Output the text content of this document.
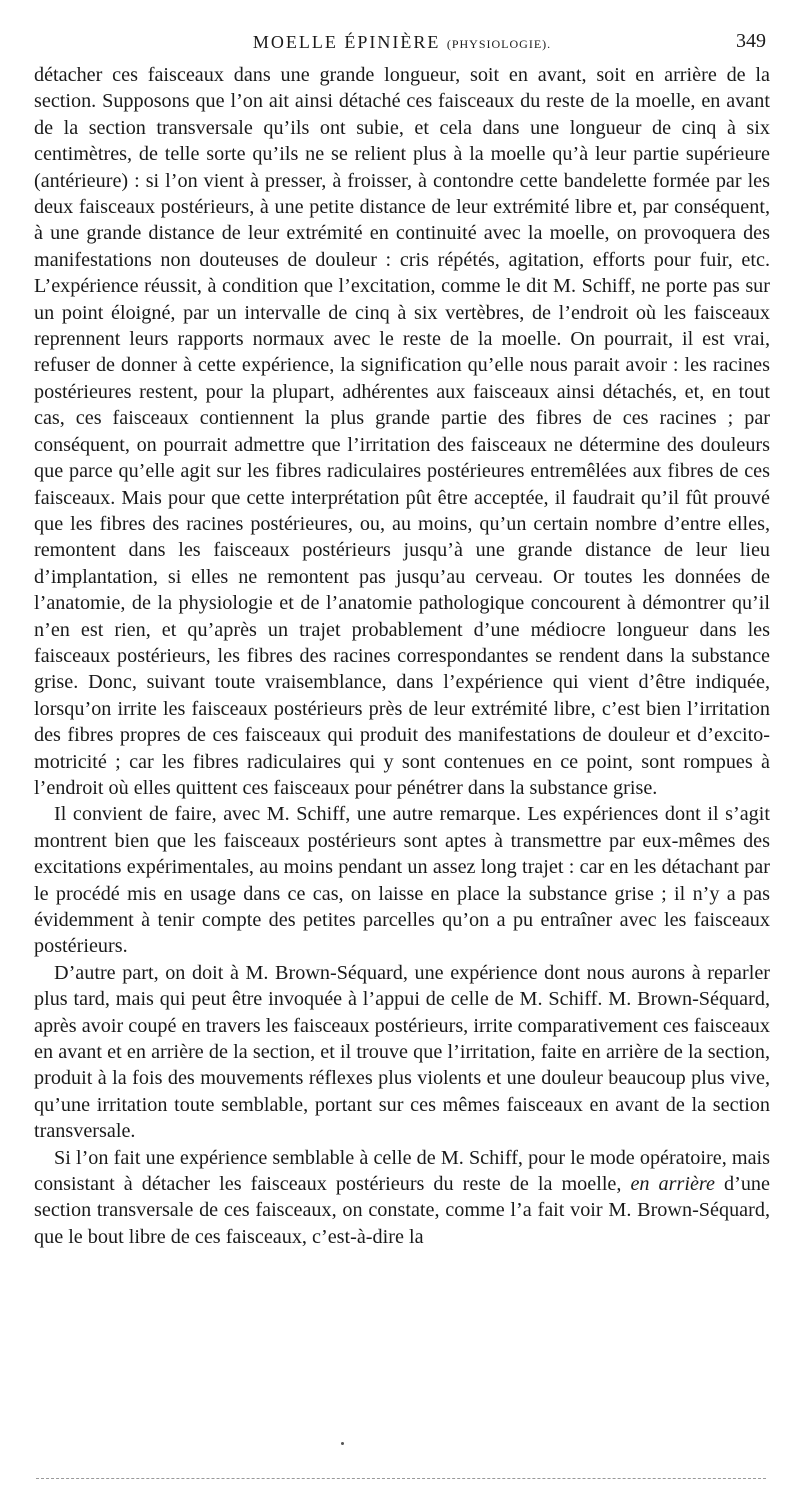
MOELLE ÉPINIÈRE (PHYSIOLOGIE).	349

détacher ces faisceaux dans une grande longueur, soit en avant, soit en arrière de la section. Supposons que l’on ait ainsi détaché ces faisceaux du reste de la moelle, en avant de la section transversale qu’ils ont subie, et cela dans une longueur de cinq à six centimètres, de telle sorte qu’ils ne se relient plus à la moelle qu’à leur partie supérieure (antérieure) : si l’on vient à presser, à froisser, à contondre cette bandelette formée par les deux faisceaux postérieurs, à une petite distance de leur extrémité libre et, par conséquent, à une grande distance de leur extrémité en continuité avec la moelle, on provoquera des manifestations non douteuses de douleur : cris répétés, agitation, efforts pour fuir, etc. L’expérience réussit, à condition que l’excitation, comme le dit M. Schiff, ne porte pas sur un point éloigné, par un intervalle de cinq à six vertèbres, de l’endroit où les faisceaux reprennent leurs rapports normaux avec le reste de la moelle. On pourrait, il est vrai, refuser de donner à cette expérience, la signification qu’elle nous parait avoir : les racines postérieures restent, pour la plupart, adhérentes aux faisceaux ainsi détachés, et, en tout cas, ces faisceaux contiennent la plus grande partie des fibres de ces racines ; par conséquent, on pourrait admettre que l’irritation des faisceaux ne détermine des douleurs que parce qu’elle agit sur les fibres radiculaires postérieures entremêlées aux fibres de ces faisceaux. Mais pour que cette interprétation pût être acceptée, il faudrait qu’il fût prouvé que les fibres des racines postérieures, ou, au moins, qu’un certain nombre d’entre elles, remontent dans les faisceaux postérieurs jusqu’à une grande distance de leur lieu d’implantation, si elles ne remontent pas jusqu’au cerveau. Or toutes les données de l’anatomie, de la physiologie et de l’anatomie pathologique concourent à démontrer qu’il n’en est rien, et qu’après un trajet probablement d’une médiocre longueur dans les faisceaux postérieurs, les fibres des racines correspondantes se rendent dans la substance grise. Donc, suivant toute vraisemblance, dans l’expérience qui vient d’être indiquée, lorsqu’on irrite les faisceaux postérieurs près de leur extrémité libre, c’est bien l’irritation des fibres propres de ces faisceaux qui produit des manifestations de douleur et d’excito-motricité ; car les fibres radiculaires qui y sont contenues en ce point, sont rompues à l’endroit où elles quittent ces faisceaux pour pénétrer dans la substance grise.

Il convient de faire, avec M. Schiff, une autre remarque. Les expériences dont il s’agit montrent bien que les faisceaux postérieurs sont aptes à transmettre par eux-mêmes des excitations expérimentales, au moins pendant un assez long trajet : car en les détachant par le procédé mis en usage dans ce cas, on laisse en place la substance grise ; il n’y a pas évidemment à tenir compte des petites parcelles qu’on a pu entraîner avec les faisceaux postérieurs.

D’autre part, on doit à M. Brown-Séquard, une expérience dont nous aurons à reparler plus tard, mais qui peut être invoquée à l’appui de celle de M. Schiff. M. Brown-Séquard, après avoir coupé en travers les faisceaux postérieurs, irrite comparativement ces faisceaux en avant et en arrière de la section, et il trouve que l’irritation, faite en arrière de la section, produit à la fois des mouvements réflexes plus violents et une douleur beaucoup plus vive, qu’une irritation toute semblable, portant sur ces mêmes faisceaux en avant de la section transversale.

Si l’on fait une expérience semblable à celle de M. Schiff, pour le mode opératoire, mais consistant à détacher les faisceaux postérieurs du reste de la moelle, en arrière d’une section transversale de ces faisceaux, on constate, comme l’a fait voir M. Brown-Séquard, que le bout libre de ces faisceaux, c’est-à-dire la
